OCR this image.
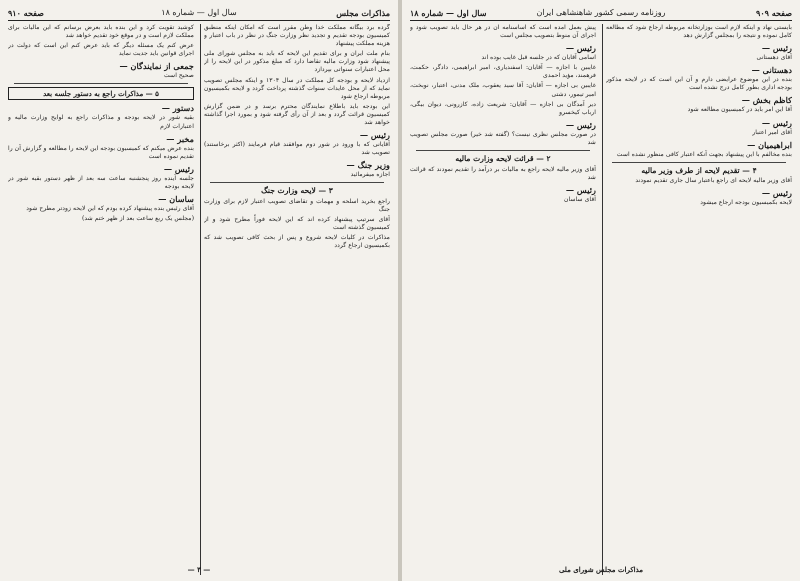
مذاکرات مجلس
سال اول — شماره ۱۸
صفحه ۹۱۰

گرده برد بیگانه مملکت خدا وطن مقرر است که امکان اینکه منطبق کمیسیون بودجه تقدیم و تجدید نظر وزارت جنگ در نظر در باب اعتبار و هزینه مملکت پیشنهاد

بنام ملت ایران و برای تقدیم این لایحه که باید به مجلس شورای ملی پیشنهاد شود وزارت مالیه تقاضا دارد که مبلغ مذکور در این لایحه را از محل اعتبارات سنواتی بپردازد

ازدیاد لایحه و بودجه کل مملکت در سال ۱۳۰۴ و اینکه مجلس تصویب نماید که از محل عایدات سنوات گذشته پرداخت گردد و لایحه بکمیسیون مربوطه ارجاع شود

این بودجه باید باطلاع نمایندگان محترم برسد و در ضمن گزارش کمیسیون قرائت گردد و بعد از آن رأی گرفته شود و بمورد اجرا گذاشته خواهد شد

رئیس —

آقایانی که با ورود در شور دوم موافقند قیام فرمایند (اکثر برخاستند) تصویب شد

وزیر جنگ —

اجازه میفرمائید

۳ — لایحه وزارت جنگ

راجع بخرید اسلحه و مهمات و تقاضای تصویب اعتبار لازم برای وزارت جنگ

آقای سرتیپ پیشنهاد کرده اند که این لایحه فوراً مطرح شود و از کمیسیون گذشته است

مذاکرات در کلیات لایحه شروع و پس از بحث کافی تصویب شد که بکمیسیون ارجاع گردد

کوشید تقویت کرد و این بنده باید بعرض برسانم که این مالیات برای مملکت لازم است و در موقع خود تقدیم خواهد شد

عرض کنم یک مسئله دیگر که باید عرض کنم این است که دولت در اجرای قوانین باید جدیت نماید

جمعی از نمایندگان —

صحیح است

۵ — مذاکرات راجع به دستور جلسه بعد
دستور —

بقیه شور در لایحه بودجه و مذاکرات راجع به لوایح وزارت مالیه و اعتبارات لازم

مخبر —

بنده عرض میکنم که کمیسیون بودجه این لایحه را مطالعه و گزارش آن را تقدیم نموده است

رئیس —

جلسه آینده روز پنجشنبه ساعت سه بعد از ظهر دستور بقیه شور در لایحه بودجه

ساسان —

آقای رئیس بنده پیشنهاد کرده بودم که این لایحه زودتر مطرح شود

(مجلس یک ربع ساعت بعد از ظهر ختم شد)

— ۳ —
صفحه ۹۰۹
روزنامه رسمی کشور شاهنشاهی ایران
سال اول — شماره ۱۸

بایستی نهاد و اینکه لازم است بوزارتخانه مربوطه ارجاع شود که مطالعه کامل نموده و نتیجه را بمجلس گزارش دهد

رئیس —

آقای دهستانی

دهستانی —

بنده در این موضوع عرایضی دارم و آن این است که در لایحه مذکور بودجه اداری بطور کامل درج نشده است

کاظم بخش —

آقا این امر باید در کمیسیون مطالعه شود

رئیس —

آقای امیر اعتبار

ابراهیمیان —

بنده مخالفم با این پیشنهاد بجهت آنکه اعتبار کافی منظور نشده است

۴ — تقدیم لایحه از طرف وزیر مالیه

آقای وزیر مالیه لایحه ای راجع باعتبار سال جاری تقدیم نمودند

رئیس —

لایحه بکمیسیون بودجه ارجاع میشود

پیش بعمل آمده است که اساسنامه آن در هر حال باید تصویب شود و اجرای آن منوط بتصویب مجلس است

رئیس —

اسامی آقایان که در جلسه قبل غایب بوده اند

غایبین با اجازه — آقایان: اسفندیاری، امیر ابراهیمی، دادگر، حکمت، فرهمند، مؤید احمدی

غایبین بی اجازه — آقایان: آقا سید یعقوب، ملک مدنی، اعتبار، نوبخت، امیر تیمور، دشتی

دیر آمدگان بی اجازه — آقایان: شریعت زاده، کازرونی، دیوان بیگی، ارباب کیخسرو

رئیس —

در صورت مجلس نظری نیست؟ (گفته شد خیر) صورت مجلس تصویب شد

۲ — قرائت لایحه وزارت مالیه

آقای وزیر مالیه لایحه راجع به مالیات بر درآمد را تقدیم نمودند که قرائت شد

رئیس —

آقای ساسان

مذاکرات مجلس شورای ملی
